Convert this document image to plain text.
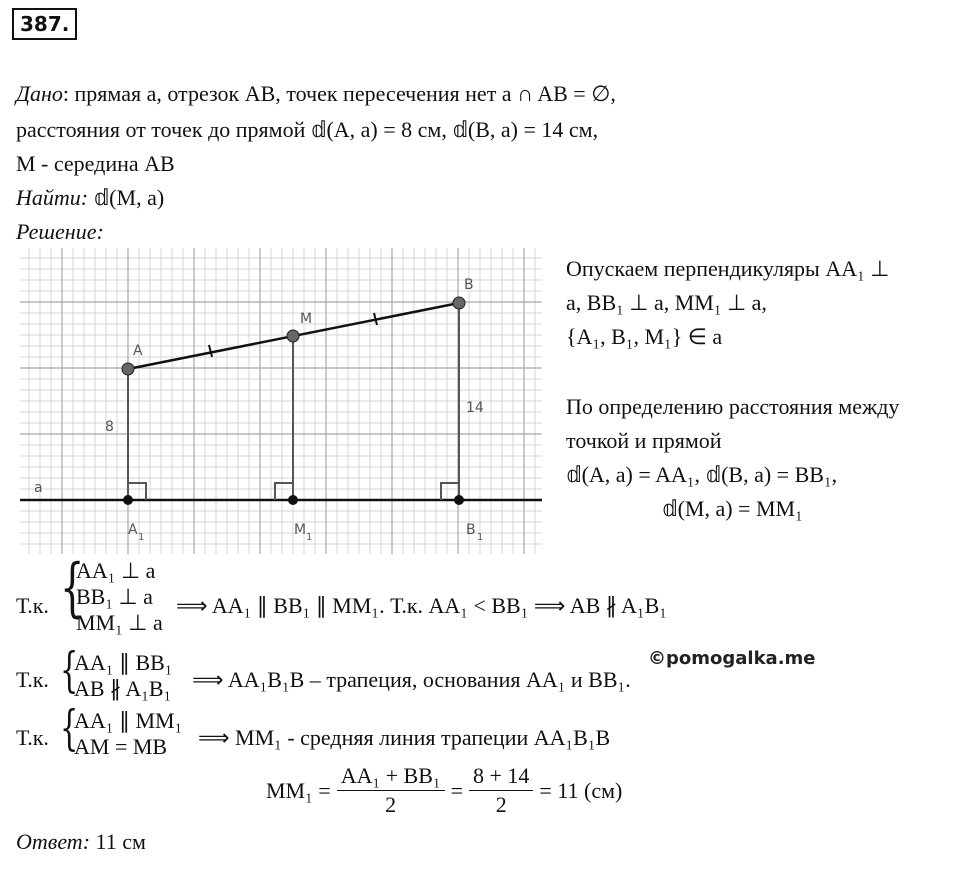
387.
Дано: прямая a, отрезок AB, точек пересечения нет a ∩ AB = ∅,
расстояния от точек до прямой 𝕕(A, a) = 8 см, 𝕕(B, a) = 14 см,
M - середина AB
Найти: 𝕕(M, a)
Решение:
A
M
B
A 1	M 1	B 1
a
8
14
Опускаем перпендикуляры AA₁ ⊥
a, BB₁ ⊥ a, MM₁ ⊥ a,
{A₁, B₁, M₁} ∈ a
По определению расстояния между
точкой и прямой
𝕕(A, a) = AA₁, 𝕕(B, a) = BB₁,
𝕕(M, a) = MM₁
Т.к. {
AA₁ ⊥ a
BB₁ ⊥ a
MM₁ ⊥ a
⟹ AA₁ ∥ BB₁ ∥ MM₁. Т.к. AA₁ < BB₁ ⟹ AB ∦ A₁B₁
©pomogalka.me
Т.к. {
AA₁ ∥ BB₁
AB ∦ A₁B₁ ⟹ AA₁B₁B – трапеция, основания AA₁ и BB₁.
Т.к. {
AA₁ ∥ MM₁
AM = MB	⟹ MM₁ - средняя линия трапеции AA₁B₁B
$MM_1 = \frac{\text{AA₁ + BB₁}}{2} = \frac{8 + 14}{2} = 11$ (см)
Ответ: 11 см
